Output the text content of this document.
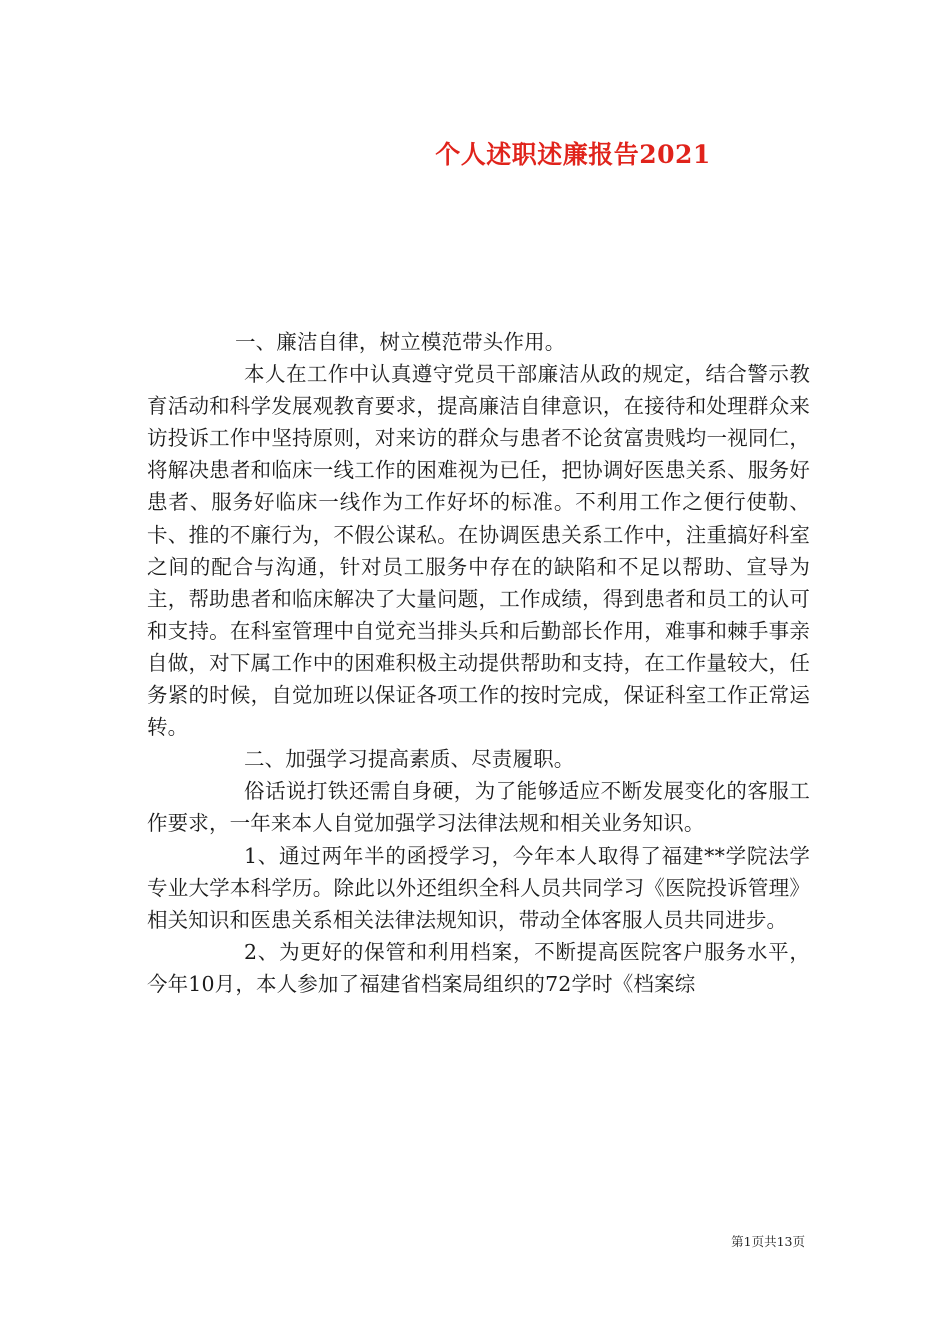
个人述职述廉报告2021

一、廉洁自律，树立模范带头作用。

本人在工作中认真遵守党员干部廉洁从政的规定，结合警示教育活动和科学发展观教育要求，提高廉洁自律意识，在接待和处理群众来访投诉工作中坚持原则，对来访的群众与患者不论贫富贵贱均一视同仁，将解决患者和临床一线工作的困难视为已任，把协调好医患关系、服务好患者、服务好临床一线作为工作好坏的标准。不利用工作之便行使勒、卡、推的不廉行为，不假公谋私。在协调医患关系工作中，注重搞好科室之间的配合与沟通，针对员工服务中存在的缺陷和不足以帮助、宣导为主，帮助患者和临床解决了大量问题，工作成绩，得到患者和员工的认可和支持。在科室管理中自觉充当排头兵和后勤部长作用，难事和棘手事亲自做，对下属工作中的困难积极主动提供帮助和支持，在工作量较大，任务紧的时候，自觉加班以保证各项工作的按时完成，保证科室工作正常运转。

二、加强学习提高素质、尽责履职。

俗话说打铁还需自身硬，为了能够适应不断发展变化的客服工作要求，一年来本人自觉加强学习法律法规和相关业务知识。

1、通过两年半的函授学习，今年本人取得了福建**学院法学专业大学本科学历。除此以外还组织全科人员共同学习《医院投诉管理》相关知识和医患关系相关法律法规知识，带动全体客服人员共同进步。

2、为更好的保管和利用档案，不断提高医院客户服务水平，今年10月，本人参加了福建省档案局组织的72学时《档案综

第1页共13页
